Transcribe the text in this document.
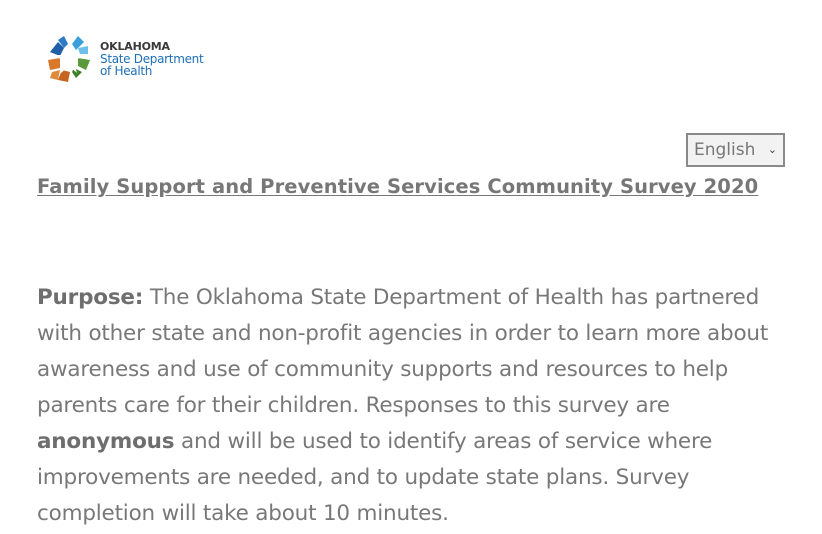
OKLAHOMA
State Department
of Health
English ⌄
Family Support and Preventive Services Community Survey 2020

Purpose: The Oklahoma State Department of Health has partnered with other state and non-profit agencies in order to learn more about awareness and use of community supports and resources to help parents care for their children. Responses to this survey are anonymous and will be used to identify areas of service where improvements are needed, and to update state plans. Survey completion will take about 10 minutes.
